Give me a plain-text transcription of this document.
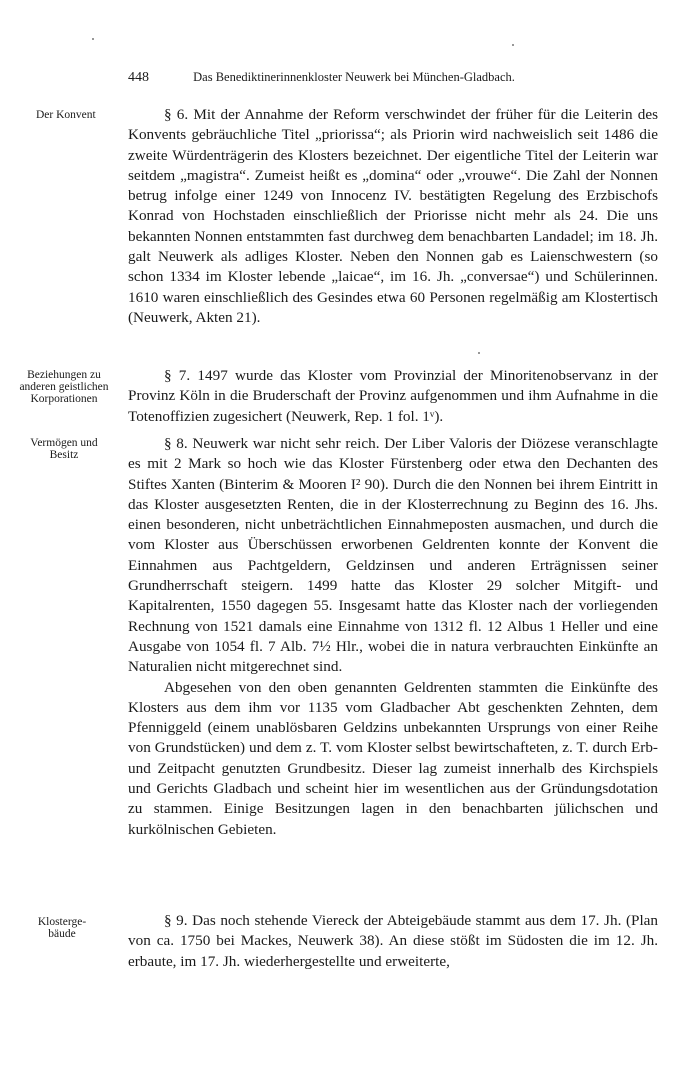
448	Das Benediktinerinnenkloster Neuwerk bei München-Gladbach.
Der Konvent	§ 6. Mit der Annahme der Reform verschwindet der früher für die Leiterin des Konvents gebräuchliche Titel „priorissa“; als Priorin wird nachweislich seit 1486 die zweite Würdenträgerin des Klosters bezeichnet. Der eigentliche Titel der Leiterin war seitdem „magistra“. Zumeist heißt es „domina“ oder „vrouwe“. Die Zahl der Nonnen betrug infolge einer 1249 von Innocenz IV. bestätigten Regelung des Erzbischofs Konrad von Hochstaden einschließlich der Priorisse nicht mehr als 24. Die uns bekannten Nonnen entstammten fast durchweg dem benachbarten Landadel; im 18. Jh. galt Neuwerk als adliges Kloster. Neben den Nonnen gab es Laienschwestern (so schon 1334 im Kloster lebende „laicae“, im 16. Jh. „conversae“) und Schülerinnen. 1610 waren einschließlich des Gesindes etwa 60 Personen regelmäßig am Klostertisch (Neuwerk, Akten 21).

Beziehungen zu anderen geistlichen Korporationen

§ 7. 1497 wurde das Kloster vom Provinzial der Minoritenobservanz in der Provinz Köln in die Bruderschaft der Provinz aufgenommen und ihm Aufnahme in die Totenoffizien zugesichert (Neuwerk, Rep. 1 fol. 1ᵛ).

Vermögen und Besitz

§ 8. Neuwerk war nicht sehr reich. Der Liber Valoris der Diözese veranschlagte es mit 2 Mark so hoch wie das Kloster Fürstenberg oder etwa den Dechanten des Stiftes Xanten (Binterim & Mooren I² 90). Durch die den Nonnen bei ihrem Eintritt in das Kloster ausgesetzten Renten, die in der Klosterrechnung zu Beginn des 16. Jhs. einen besonderen, nicht unbeträchtlichen Einnahmeposten ausmachen, und durch die vom Kloster aus Überschüssen erworbenen Geldrenten konnte der Konvent die Einnahmen aus Pachtgeldern, Geldzinsen und anderen Erträgnissen seiner Grundherrschaft steigern. 1499 hatte das Kloster 29 solcher Mitgift- und Kapitalrenten, 1550 dagegen 55. Insgesamt hatte das Kloster nach der vorliegenden Rechnung von 1521 damals eine Einnahme von 1312 fl. 12 Albus 1 Heller und eine Ausgabe von 1054 fl. 7 Alb. 7½ Hlr., wobei die in natura verbrauchten Einkünfte an Naturalien nicht mitgerechnet sind.

Abgesehen von den oben genannten Geldrenten stammten die Einkünfte des Klosters aus dem ihm vor 1135 vom Gladbacher Abt geschenkten Zehnten, dem Pfenniggeld (einem unablösbaren Geldzins unbekannten Ursprungs von einer Reihe von Grundstücken) und dem z. T. vom Kloster selbst bewirtschafteten, z. T. durch Erb- und Zeitpacht genutzten Grundbesitz. Dieser lag zumeist innerhalb des Kirchspiels und Gerichts Gladbach und scheint hier im wesentlichen aus der Gründungsdotation zu stammen. Einige Besitzungen lagen in den benachbarten jülichschen und kurkölnischen Gebieten.

Klosterge- bäude

§ 9. Das noch stehende Viereck der Abteigebäude stammt aus dem 17. Jh. (Plan von ca. 1750 bei Mackes, Neuwerk 38). An diese stößt im Südosten die im 12. Jh. erbaute, im 17. Jh. wiederhergestellte und erweiterte,
